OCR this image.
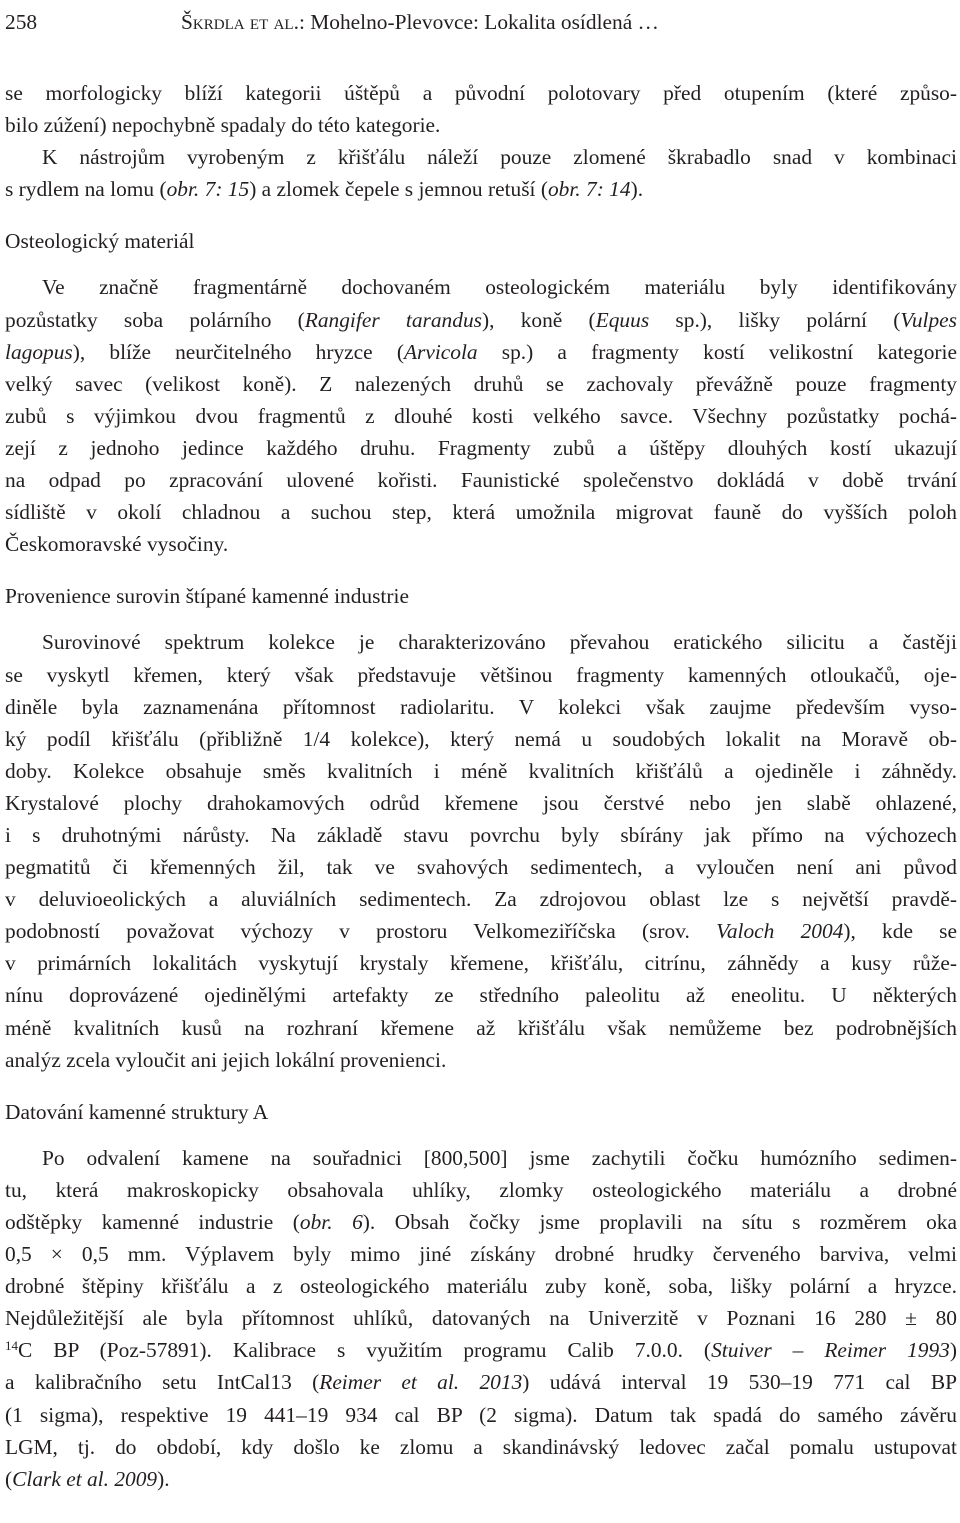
258	Škrdla et al.: Mohelno-Plevovce: Lokalita osídlená …
se morfologicky blíží kategorii úštěpů a původní polotovary před otupením (které způso-
bilo zúžení) nepochybně spadaly do této kategorie.
K nástrojům vyrobeným z křišťálu náleží pouze zlomené škrabadlo snad v kombinaci
s rydlem na lomu (obr. 7: 15) a zlomek čepele s jemnou retuší (obr. 7: 14).
Osteologický materiál
Ve značně fragmentárně dochovaném osteologickém materiálu byly identifikovány
pozůstatky soba polárního (Rangifer tarandus), koně (Equus sp.), lišky polární (Vulpes
lagopus), blíže neurčitelného hryzce (Arvicola sp.) a fragmenty kostí velikostní kategorie
velký savec (velikost koně). Z nalezených druhů se zachovaly převážně pouze fragmenty
zubů s výjimkou dvou fragmentů z dlouhé kosti velkého savce. Všechny pozůstatky pochá-
zejí z jednoho jedince každého druhu. Fragmenty zubů a úštěpy dlouhých kostí ukazují
na odpad po zpracování ulovené kořisti. Faunistické společenstvo dokládá v době trvání
sídliště v okolí chladnou a suchou step, která umožnila migrovat fauně do vyšších poloh
Českomoravské vysočiny.
Provenience surovin štípané kamenné industrie
Surovinové spektrum kolekce je charakterizováno převahou eratického silicitu a častěji
se vyskytl křemen, který však představuje většinou fragmenty kamenných otloukačů, oje-
diněle byla zaznamenána přítomnost radiolaritu. V kolekci však zaujme především vyso-
ký podíl křišťálu (přibližně 1/4 kolekce), který nemá u soudobých lokalit na Moravě ob-
doby. Kolekce obsahuje směs kvalitních i méně kvalitních křišťálů a ojediněle i záhnědy.
Krystalové plochy drahokamových odrůd křemene jsou čerstvé nebo jen slabě ohlazené,
i s druhotnými nárůsty. Na základě stavu povrchu byly sbírány jak přímo na výchozech
pegmatitů či křemenných žil, tak ve svahových sedimentech, a vyloučen není ani původ
v deluvioeolických a aluviálních sedimentech. Za zdrojovou oblast lze s největší pravdě-
podobností považovat výchozy v prostoru Velkomeziříčska (srov. Valoch 2004), kde se
v primárních lokalitách vyskytují krystaly křemene, křišťálu, citrínu, záhnědy a kusy růže-
nínu doprovázené ojedinělými artefakty ze středního paleolitu až eneolitu. U některých
méně kvalitních kusů na rozhraní křemene až křišťálu však nemůžeme bez podrobnějších
analýz zcela vyloučit ani jejich lokální provenienci.
Datování kamenné struktury A
Po odvalení kamene na souřadnici [800,500] jsme zachytili čočku humózního sedimen-
tu, která makroskopicky obsahovala uhlíky, zlomky osteologického materiálu a drobné
odštěpky kamenné industrie (obr. 6). Obsah čočky jsme proplavili na sítu s rozměrem oka
0,5 × 0,5 mm. Výplavem byly mimo jiné získány drobné hrudky červeného barviva, velmi
drobné štěpiny křišťálu a z osteologického materiálu zuby koně, soba, lišky polární a hryzce.
Nejdůležitější ale byla přítomnost uhlíků, datovaných na Univerzitě v Poznani 16 280 ± 80
$^{14}$C BP (Poz-57891). Kalibrace s využitím programu Calib 7.0.0. (Stuiver – Reimer 1993)
a kalibračního setu IntCal13 (Reimer et al. 2013) udává interval 19 530–19 771 cal BP
(1 sigma), respektive 19 441–19 934 cal BP (2 sigma). Datum tak spadá do samého závěru
LGM, tj. do období, kdy došlo ke zlomu a skandinávský ledovec začal pomalu ustupovat
(Clark et al. 2009).
